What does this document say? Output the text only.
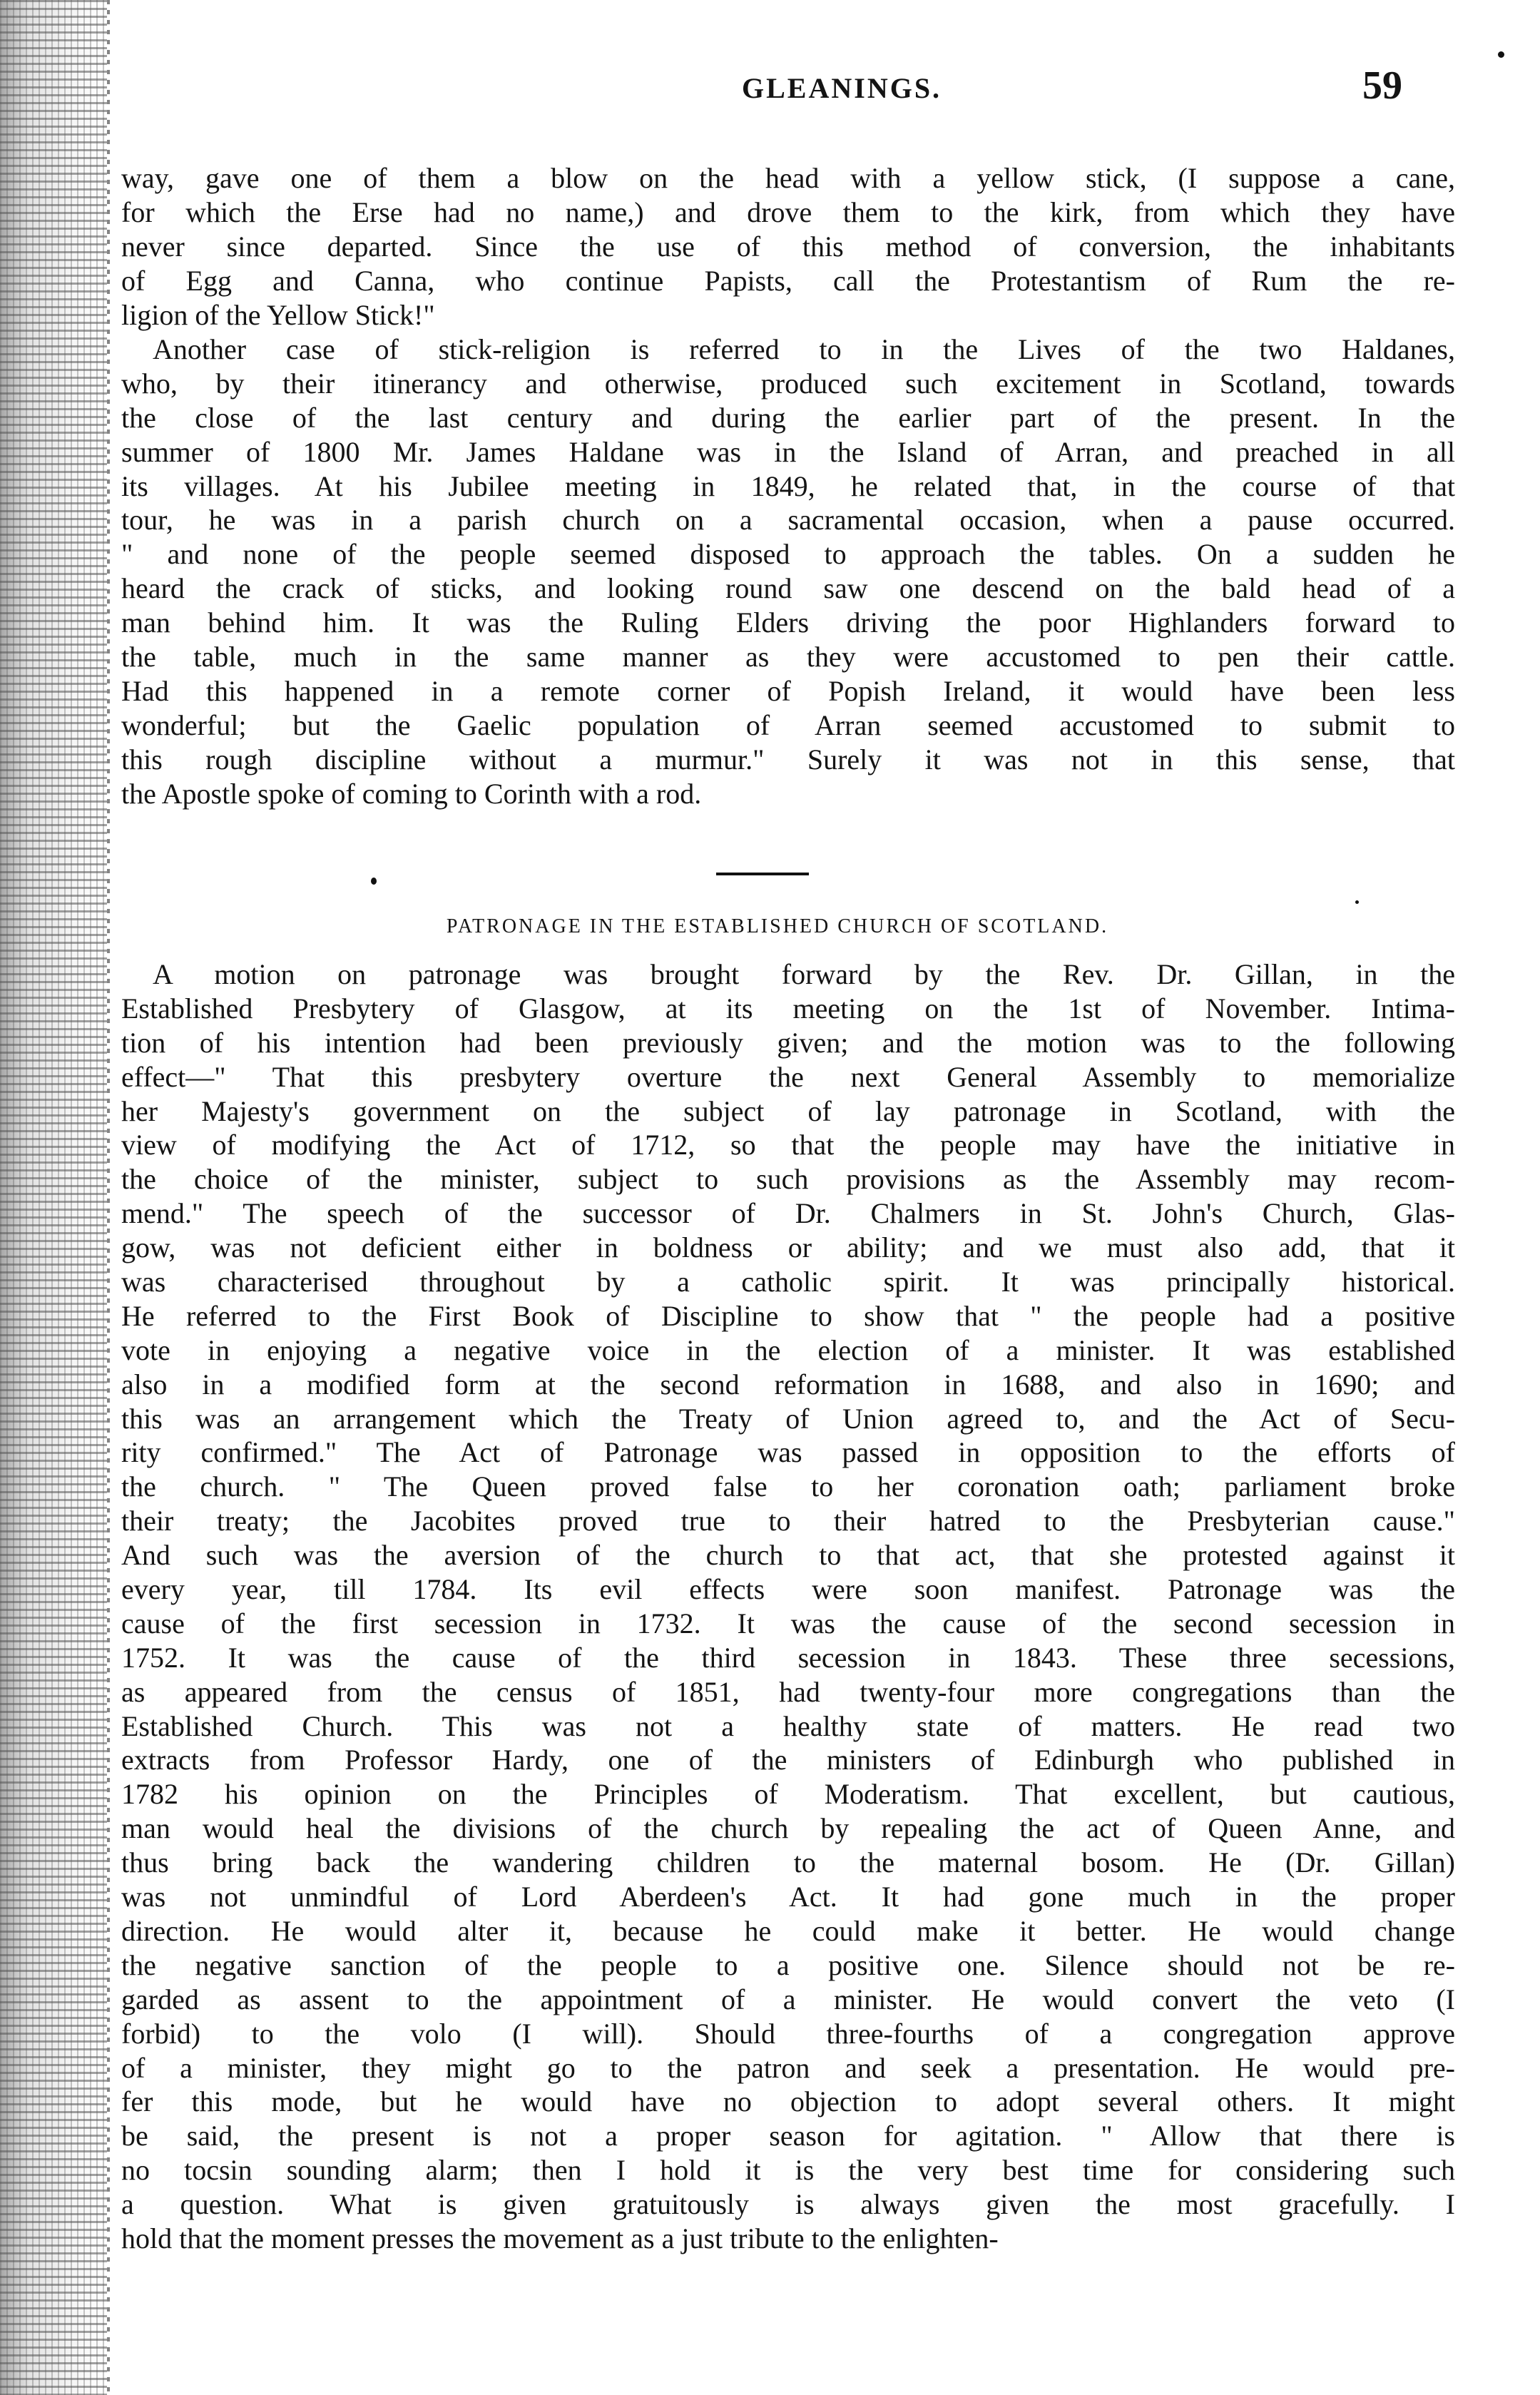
GLEANINGS.	59
way, gave one of them a blow on the head with a yellow stick, (I suppose a cane,
for which the Erse had no name,) and drove them to the kirk, from which they have
never since departed. Since the use of this method of conversion, the inhabitants
of Egg and Canna, who continue Papists, call the Protestantism of Rum the re-
ligion of the Yellow Stick!"
Another case of stick-religion is referred to in the Lives of the two Haldanes,
who, by their itinerancy and otherwise, produced such excitement in Scotland, towards
the close of the last century and during the earlier part of the present. In the
summer of 1800 Mr. James Haldane was in the Island of Arran, and preached in all
its villages. At his Jubilee meeting in 1849, he related that, in the course of that
tour, he was in a parish church on a sacramental occasion, when a pause occurred.
" and none of the people seemed disposed to approach the tables. On a sudden he
heard the crack of sticks, and looking round saw one descend on the bald head of a
man behind him. It was the Ruling Elders driving the poor Highlanders forward to
the table, much in the same manner as they were accustomed to pen their cattle.
Had this happened in a remote corner of Popish Ireland, it would have been less
wonderful; but the Gaelic population of Arran seemed accustomed to submit to
this rough discipline without a murmur." Surely it was not in this sense, that
the Apostle spoke of coming to Corinth with a rod.
PATRONAGE IN THE ESTABLISHED CHURCH OF SCOTLAND.
A motion on patronage was brought forward by the Rev. Dr. Gillan, in the
Established Presbytery of Glasgow, at its meeting on the 1st of November. Intima-
tion of his intention had been previously given; and the motion was to the following
effect—" That this presbytery overture the next General Assembly to memorialize
her Majesty's government on the subject of lay patronage in Scotland, with the
view of modifying the Act of 1712, so that the people may have the initiative in
the choice of the minister, subject to such provisions as the Assembly may recom-
mend." The speech of the successor of Dr. Chalmers in St. John's Church, Glas-
gow, was not deficient either in boldness or ability; and we must also add, that it
was characterised throughout by a catholic spirit. It was principally historical.
He referred to the First Book of Discipline to show that " the people had a positive
vote in enjoying a negative voice in the election of a minister. It was established
also in a modified form at the second reformation in 1688, and also in 1690; and
this was an arrangement which the Treaty of Union agreed to, and the Act of Secu-
rity confirmed." The Act of Patronage was passed in opposition to the efforts of
the church. " The Queen proved false to her coronation oath; parliament broke
their treaty; the Jacobites proved true to their hatred to the Presbyterian cause."
And such was the aversion of the church to that act, that she protested against it
every year, till 1784. Its evil effects were soon manifest. Patronage was the
cause of the first secession in 1732. It was the cause of the second secession in
1752. It was the cause of the third secession in 1843. These three secessions,
as appeared from the census of 1851, had twenty-four more congregations than the
Established Church. This was not a healthy state of matters. He read two
extracts from Professor Hardy, one of the ministers of Edinburgh who published in
1782 his opinion on the Principles of Moderatism. That excellent, but cautious,
man would heal the divisions of the church by repealing the act of Queen Anne, and
thus bring back the wandering children to the maternal bosom. He (Dr. Gillan)
was not unmindful of Lord Aberdeen's Act. It had gone much in the proper
direction. He would alter it, because he could make it better. He would change
the negative sanction of the people to a positive one. Silence should not be re-
garded as assent to the appointment of a minister. He would convert the veto (I
forbid) to the volo (I will). Should three-fourths of a congregation approve
of a minister, they might go to the patron and seek a presentation. He would pre-
fer this mode, but he would have no objection to adopt several others. It might
be said, the present is not a proper season for agitation. " Allow that there is
no tocsin sounding alarm; then I hold it is the very best time for considering such
a question. What is given gratuitously is always given the most gracefully. I
hold that the moment presses the movement as a just tribute to the enlighten-
